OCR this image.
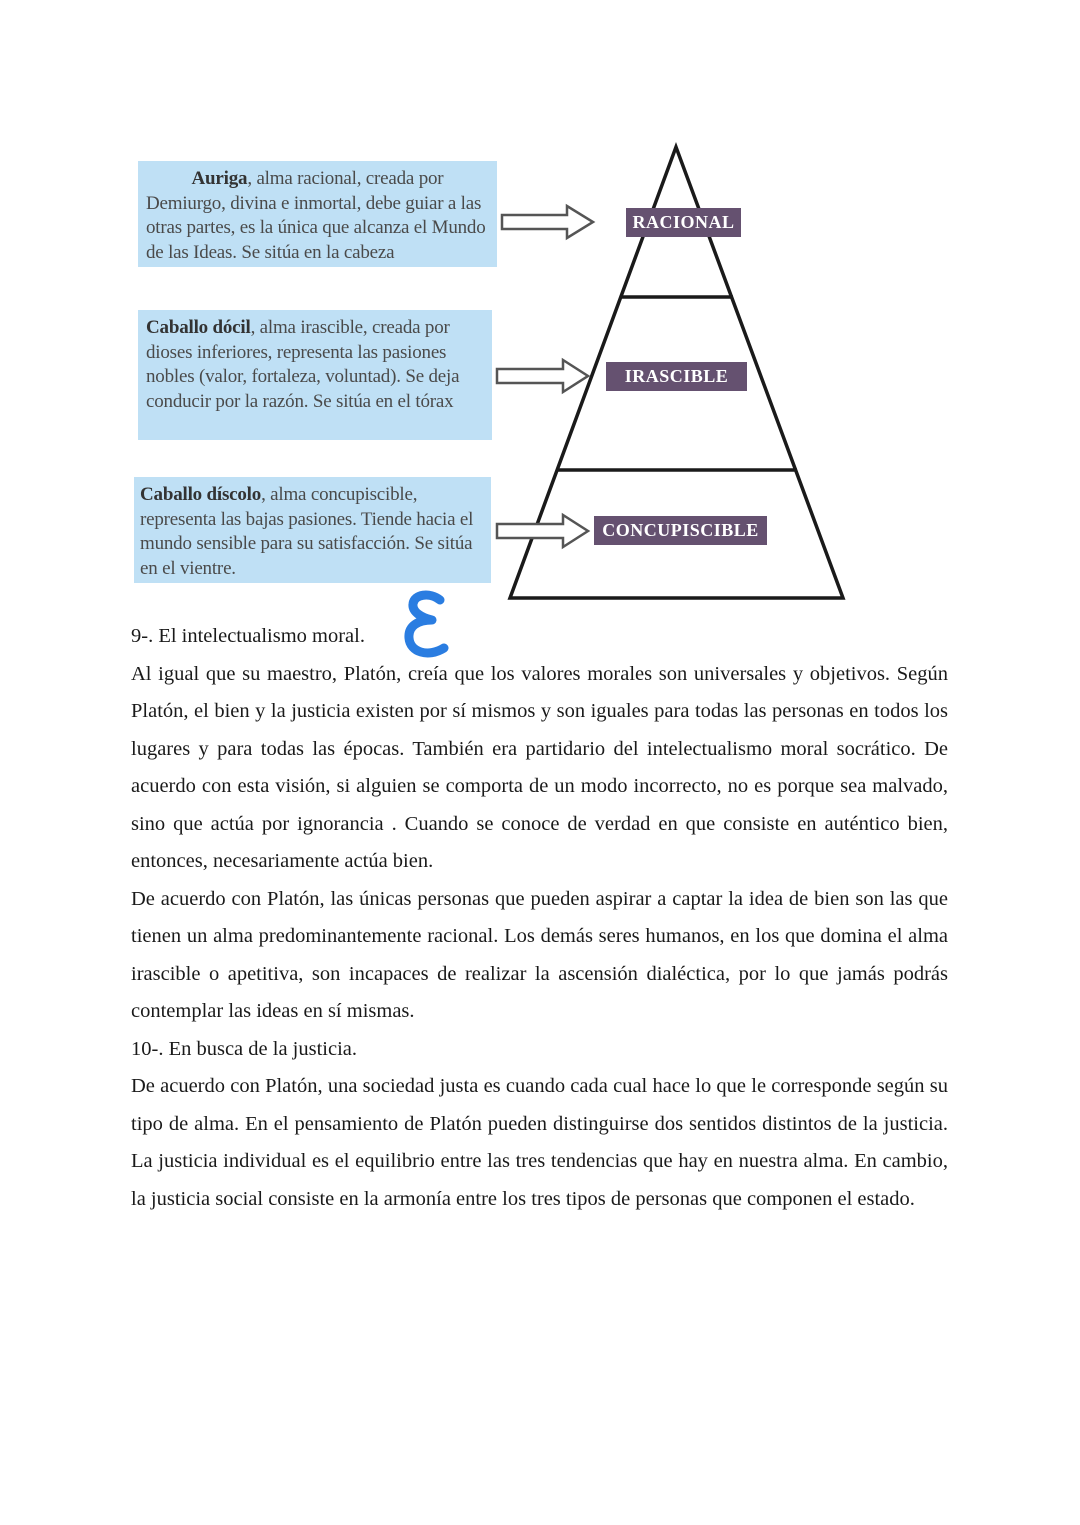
Auriga, alma racional, creada por
Demiurgo, divina e inmortal, debe guiar a las otras partes, es la única que alcanza el Mundo de las Ideas. Se sitúa en la cabeza
Caballo dócil, alma irascible, creada por dioses inferiores, representa las pasiones nobles (valor, fortaleza, voluntad). Se deja conducir por la razón. Se sitúa en el tórax
Caballo díscolo, alma concupiscible, representa las bajas pasiones. Tiende hacia el mundo sensible para su satisfacción. Se sitúa en el vientre.
RACIONAL
IRASCIBLE
CONCUPISCIBLE

9-. El intelectualismo moral.

Al igual que su maestro, Platón, creía que los valores morales son universales y objetivos. Según Platón, el bien y la justicia existen por sí mismos y son iguales para todas las personas en todos los lugares y para todas las épocas. También era partidario del intelectualismo moral socrático. De acuerdo con esta visión, si alguien se comporta de un modo incorrecto, no es porque sea malvado, sino que actúa por ignorancia . Cuando se conoce de verdad en que consiste en auténtico bien, entonces, necesariamente actúa bien.

De acuerdo con Platón, las únicas personas que pueden aspirar a captar la idea de bien son las que tienen un alma predominantemente racional. Los demás seres humanos, en los que domina el alma irascible o apetitiva, son incapaces de realizar la ascensión dialéctica, por lo que jamás podrás contemplar las ideas en sí mismas.

10-. En busca de la justicia.

De acuerdo con Platón, una sociedad justa es cuando cada cual hace lo que le corresponde según su tipo de alma. En el pensamiento de Platón pueden distinguirse dos sentidos distintos de la justicia. La justicia individual es el equilibrio entre las tres tendencias que hay en nuestra alma. En cambio, la justicia social consiste en la armonía entre los tres tipos de personas que componen el estado.
